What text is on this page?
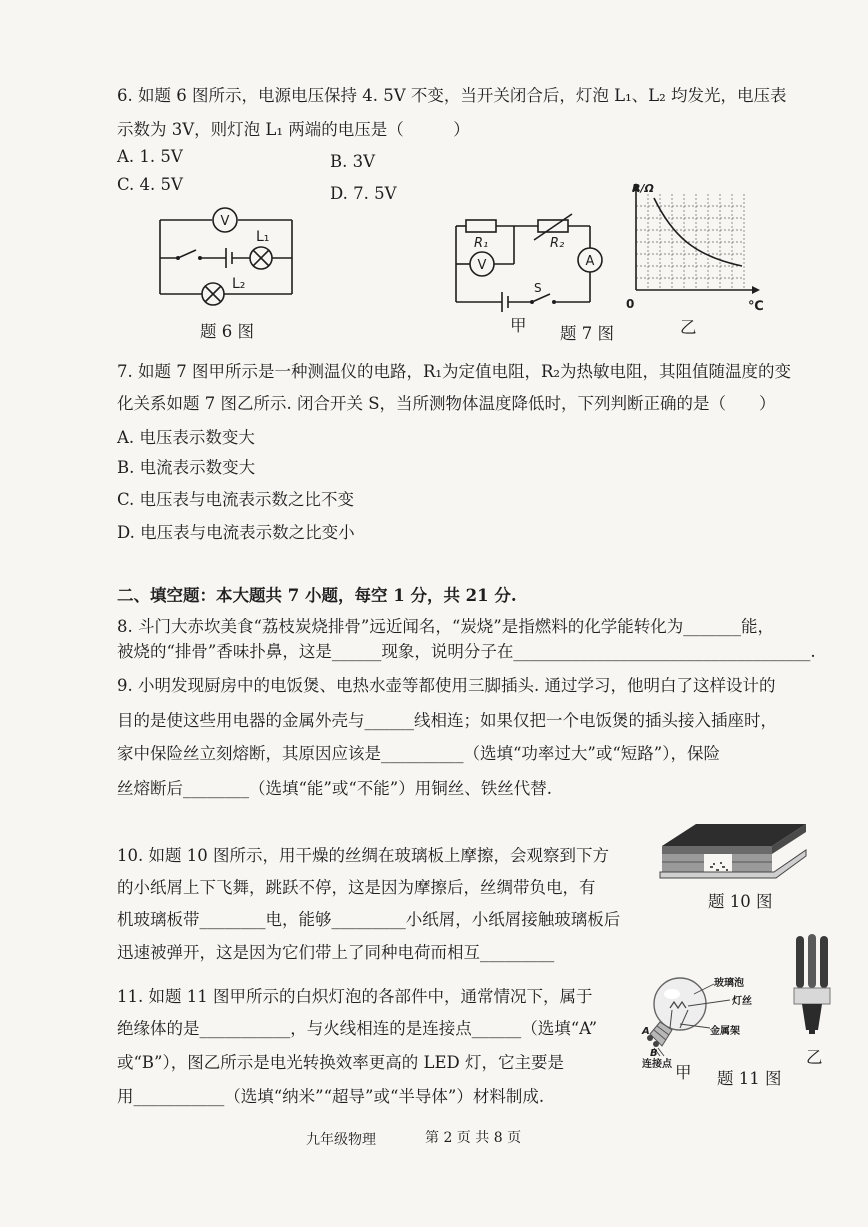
6. 如题 6 图所示，电源电压保持 4. 5V 不变，当开关闭合后，灯泡 L₁、L₂ 均发光，电压表
示数为 3V，则灯泡 L₁ 两端的电压是（　　　）
A. 1. 5V	B. 3V
C. 4. 5V	D. 7. 5V
V
L₁
L₂
题 6 图
R₁	R₂
V	A
S
甲 题 7 图
R/Ω
℃
0
乙
7. 如题 7 图甲所示是一种测温仪的电路，R₁为定值电阻，R₂为热敏电阻，其阻值随温度的变
化关系如题 7 图乙所示. 闭合开关 S，当所测物体温度降低时，下列判断正确的是（　　）
A. 电压表示数变大
B. 电流表示数变大
C. 电压表与电流表示数之比不变
D. 电压表与电流表示数之比变小
二、填空题：本大题共 7 小题，每空 1 分，共 21 分.
8. 斗门大赤坎美食“荔枝炭烧排骨”远近闻名，“炭烧”是指燃料的化学能转化为_______能，
被烧的“排骨”香味扑鼻，这是______现象，说明分子在____________________________________.
9. 小明发现厨房中的电饭煲、电热水壶等都使用三脚插头. 通过学习，他明白了这样设计的
目的是使这些用电器的金属外壳与______线相连；如果仅把一个电饭煲的插头接入插座时，
家中保险丝立刻熔断，其原因应该是__________（选填“功率过大”或“短路”），保险
丝熔断后________（选填“能”或“不能”）用铜丝、铁丝代替.
10. 如题 10 图所示，用干燥的丝绸在玻璃板上摩擦，会观察到下方
的小纸屑上下飞舞，跳跃不停，这是因为摩擦后，丝绸带负电，有
机玻璃板带________电，能够_________小纸屑，小纸屑接触玻璃板后
迅速被弹开，这是因为它们带上了同种电荷而相互_________
题 10 图
11. 如题 11 图甲所示的白炽灯泡的各部件中，通常情况下，属于
绝缘体的是___________，与火线相连的是连接点______（选填“A”
或“B”），图乙所示是电光转换效率更高的 LED 灯，它主要是
用___________（选填“纳米”“超导”或“半导体”）材料制成.
玻璃泡
灯丝
金属架
A
B
连接点 甲
乙
题 11 图
九年级物理	第 2 页 共 8 页
